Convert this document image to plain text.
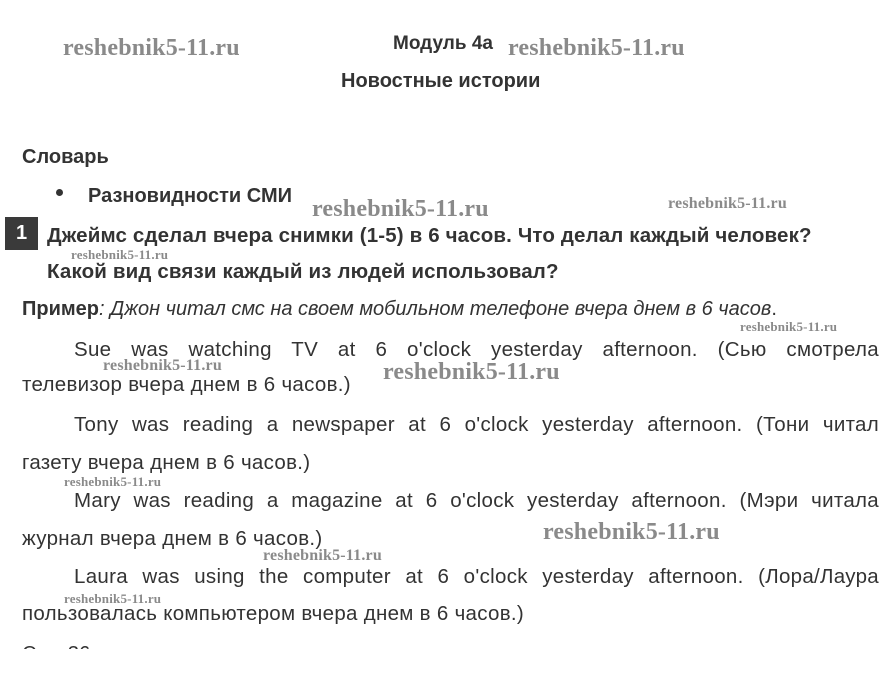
Модуль 4а
Новостные истории
Словарь
Разновидности СМИ
1 Джеймс сделал вчера снимки (1-5) в 6 часов. Что делал каждый человек?
Какой вид связи каждый из людей использовал?
Пример: Джон читал смс на своем мобильном телефоне вчера днем в 6 часов.
Sue was watching TV at 6 o'clock yesterday afternoon. (Сью смотрела
телевизор вчера днем в 6 часов.)
Tony was reading a newspaper at 6 o'clock yesterday afternoon. (Тони читал
газету вчера днем в 6 часов.)
Mary was reading a magazine at 6 o'clock yesterday afternoon. (Мэри читала
журнал вчера днем в 6 часов.)
Laura was using the computer at 6 o'clock yesterday afternoon. (Лора/Лаура
пользовалась компьютером вчера днем в 6 часов.)
reshebnik5-11.ru	reshebnik5-11.ru
reshebnik5-11.ru	reshebnik5-11.ru
reshebnik5-11.ru
reshebnik5-11.ru
reshebnik5-11.ru	reshebnik5-11.ru
reshebnik5-11.ru
reshebnik5-11.ru
reshebnik5-11.ru
reshebnik5-11.ru
